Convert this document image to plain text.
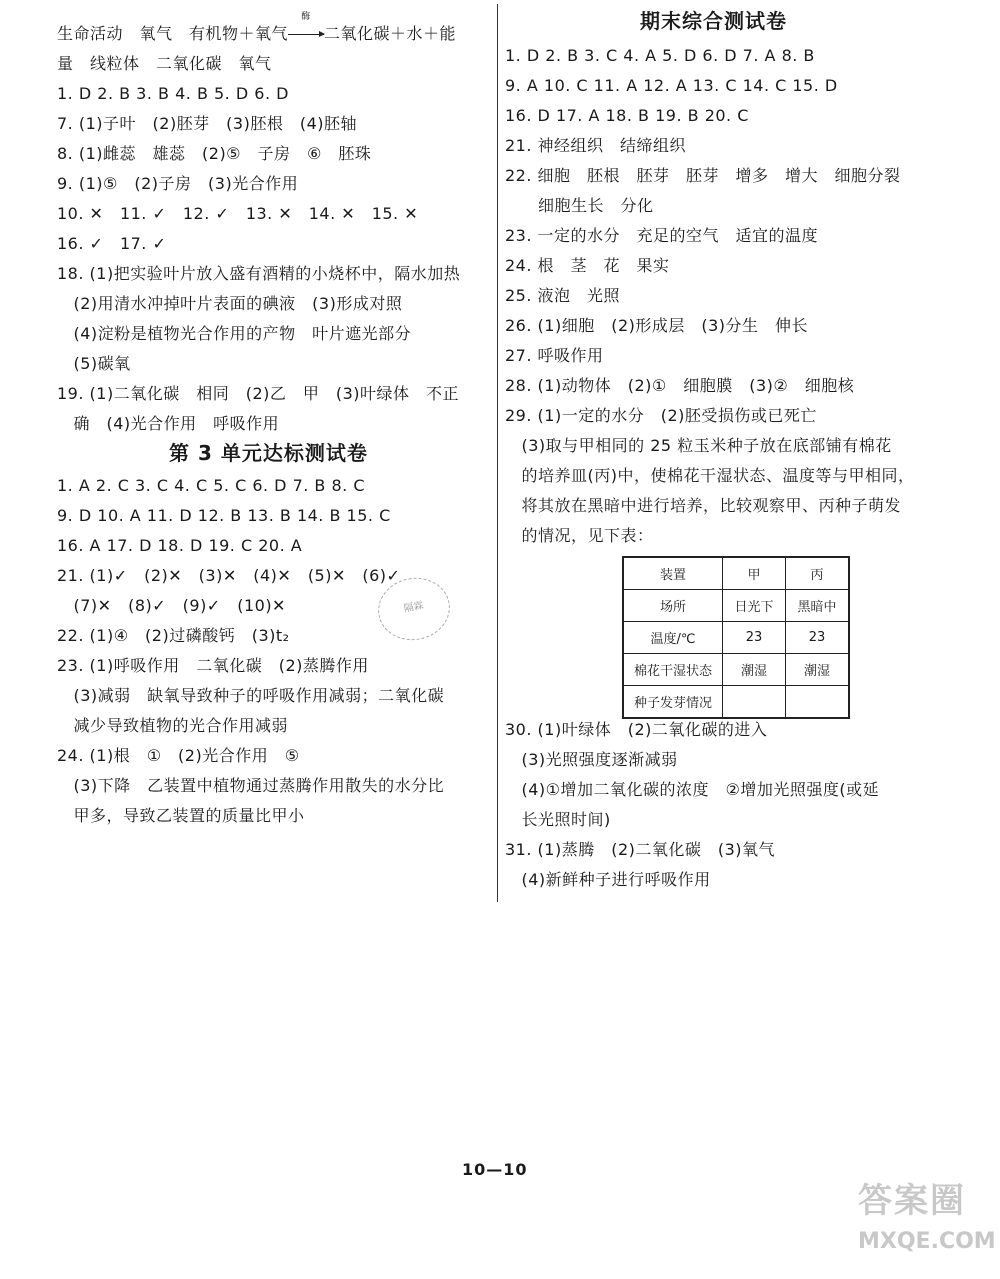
生命活动　氧气　有机物＋氧气
酶
二氧化碳＋水＋能
量　线粒体　二氧化碳　氧气
1. D 2. B 3. B 4. B 5. D 6. D
7. (1)子叶　(2)胚芽　(3)胚根　(4)胚轴
8. (1)雌蕊　雄蕊　(2)⑤　子房　⑥　胚珠
9. (1)⑤　(2)子房　(3)光合作用
10. ✕　11. ✓　12. ✓　13. ✕　14. ✕　15. ✕
16. ✓　17. ✓
18. (1)把实验叶片放入盛有酒精的小烧杯中，隔水加热
　(2)用清水冲掉叶片表面的碘液　(3)形成对照
　(4)淀粉是植物光合作用的产物　叶片遮光部分
　(5)碳氧
19. (1)二氧化碳　相同　(2)乙　甲　(3)叶绿体　不正
　确　(4)光合作用　呼吸作用
第 3 单元达标测试卷
1. A 2. C 3. C 4. C 5. C 6. D 7. B 8. C
9. D 10. A 11. D 12. B 13. B 14. B 15. C
16. A 17. D 18. D 19. C 20. A
21. (1)✓　(2)✕　(3)✕　(4)✕　(5)✕　(6)✓
　(7)✕　(8)✓　(9)✓　(10)✕
22. (1)④　(2)过磷酸钙　(3)t₂
23. (1)呼吸作用　二氧化碳　(2)蒸腾作用
　(3)减弱　缺氧导致种子的呼吸作用减弱；二氧化碳
　减少导致植物的光合作用减弱
24. (1)根　①　(2)光合作用　⑤
　(3)下降　乙装置中植物通过蒸腾作用散失的水分比
　甲多，导致乙装置的质量比甲小
期末综合测试卷
1. D 2. B 3. C 4. A 5. D 6. D 7. A 8. B
9. A 10. C 11. A 12. A 13. C 14. C 15. D
16. D 17. A 18. B 19. B 20. C
21. 神经组织　结缔组织
22. 细胞　胚根　胚芽　胚芽　增多　增大　细胞分裂
　　细胞生长　分化
23. 一定的水分　充足的空气　适宜的温度
24. 根　茎　花　果实
25. 液泡　光照
26. (1)细胞　(2)形成层　(3)分生　伸长
27. 呼吸作用
28. (1)动物体　(2)①　细胞膜　(3)②　细胞核
29. (1)一定的水分　(2)胚受损伤或已死亡
　(3)取与甲相同的 25 粒玉米种子放在底部铺有棉花
　的培养皿(丙)中，使棉花干湿状态、温度等与甲相同，
　将其放在黑暗中进行培养，比较观察甲、丙种子萌发
　的情况，见下表：
30. (1)叶绿体　(2)二氧化碳的进入
　(3)光照强度逐渐减弱
　(4)①增加二氧化碳的浓度　②增加光照强度(或延
　长光照时间)
31. (1)蒸腾　(2)二氧化碳　(3)氧气
　(4)新鲜种子进行呼吸作用
装置	甲	丙
场所	日光下	黑暗中
温度/℃	23	23
棉花干湿状态	潮湿	潮湿
种子发芽情况		
隔霖
10—10
答案圈
MXQE.COM
